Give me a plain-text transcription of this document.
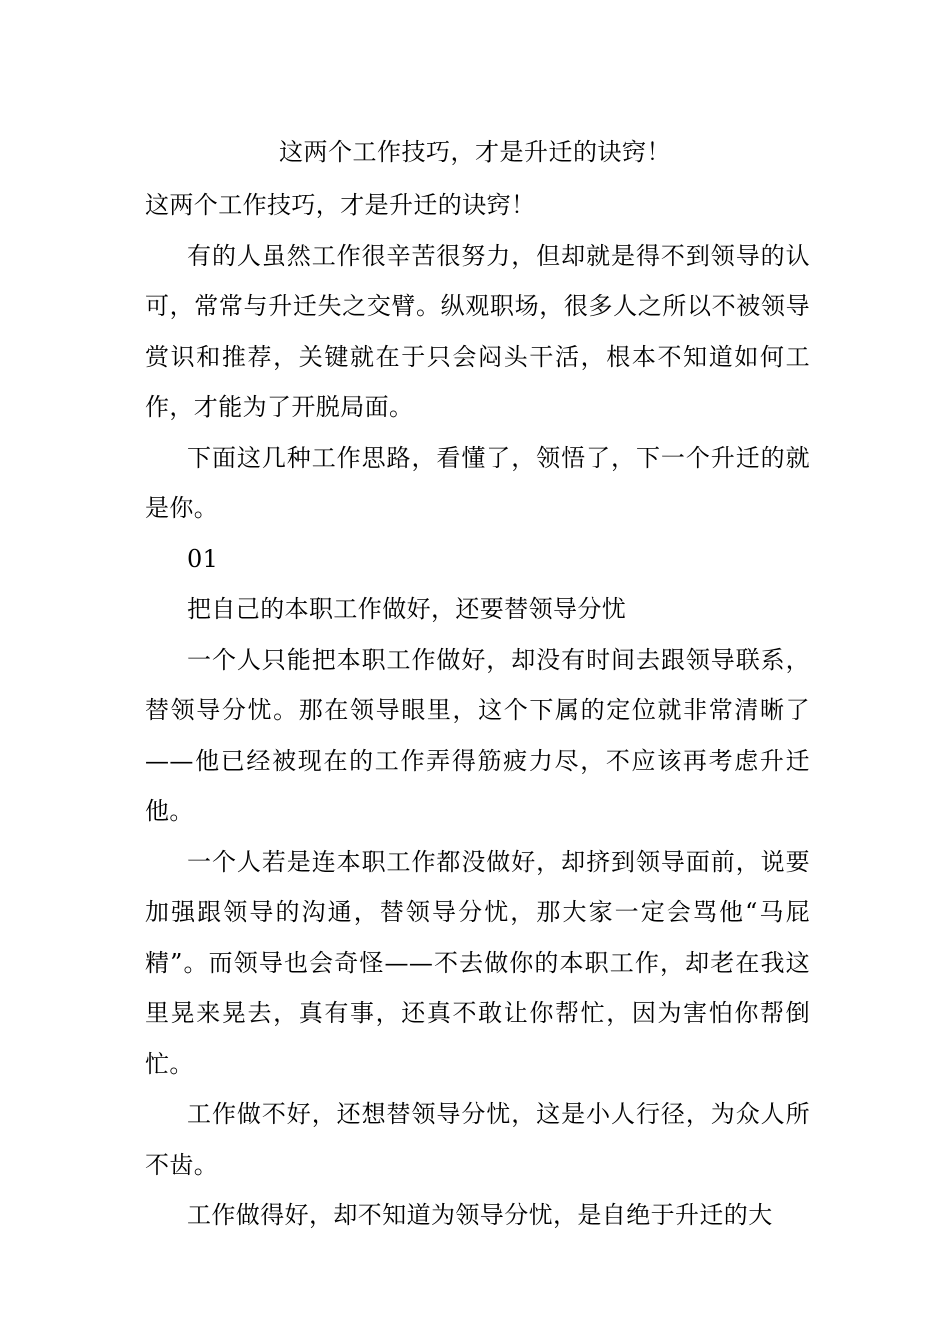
这两个工作技巧，才是升迁的诀窍！

这两个工作技巧，才是升迁的诀窍！

有的人虽然工作很辛苦很努力，但却就是得不到领导的认可，常常与升迁失之交臂。纵观职场，很多人之所以不被领导赏识和推荐，关键就在于只会闷头干活，根本不知道如何工作，才能为了开脱局面。

下面这几种工作思路，看懂了，领悟了，下一个升迁的就是你。

01

把自己的本职工作做好，还要替领导分忧

一个人只能把本职工作做好，却没有时间去跟领导联系，替领导分忧。那在领导眼里，这个下属的定位就非常清晰了——他已经被现在的工作弄得筋疲力尽，不应该再考虑升迁他。

一个人若是连本职工作都没做好，却挤到领导面前，说要加强跟领导的沟通，替领导分忧，那大家一定会骂他“马屁精”。而领导也会奇怪——不去做你的本职工作，却老在我这里晃来晃去，真有事，还真不敢让你帮忙，因为害怕你帮倒忙。

工作做不好，还想替领导分忧，这是小人行径，为众人所不齿。

工作做得好，却不知道为领导分忧，是自绝于升迁的大
